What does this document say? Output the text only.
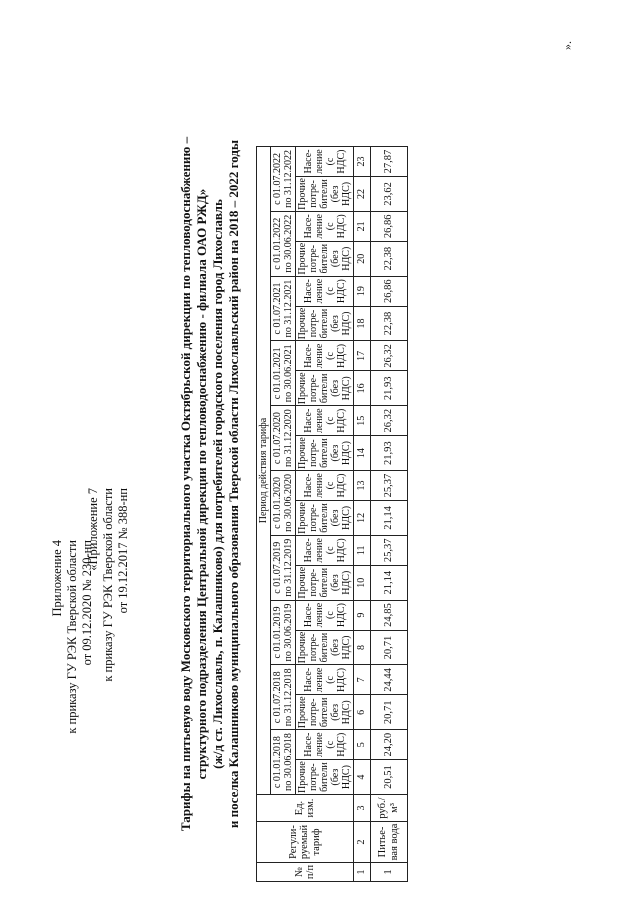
Приложение 4 к приказу ГУ РЭК Тверской области от 09.12.2020 № 230-нп
«Приложение 7 к приказу ГУ РЭК Тверской области от 19.12.2017 № 388-нп	Тарифы на питьевую воду Московского территориального участка Октябрьской дирекции по тепловодоснабжению – структурного подразделения Центральной дирекции по тепловодоснабжению - филиала ОАО РЖД» (ж/д ст. Лихославль, п. Калашниково) для потребителей городского поселения город Лихославль и поселка Калашниково муниципального образования Тверской области Лихославльский район на 2018 – 2022 годы
№ п/п	Регули-руемый тариф	Ед. изм.	Период действия тарифа																			
			с 01.01.2018 по 30.06.2018		с 01.07.2018 по 31.12.2018		с 01.01.2019 по 30.06.2019		с 01.07.2019 по 31.12.2019		с 01.01.2020 по 30.06.2020		с 01.07.2020 по 31.12.2020		с 01.01.2021 по 30.06.2021		с 01.07.2021 по 31.12.2021		с 01.01.2022 по 30.06.2022		с 01.07.2022 по 31.12.2022	
			Прочие потре-бители (без НДС)	Насе-ление (с НДС)	Прочие потре-бители (без НДС)	Насе-ление (с НДС)	Прочие потре-бители (без НДС)	Насе-ление (с НДС)	Прочие потре-бители (без НДС)	Насе-ление (с НДС)	Прочие потре-бители (без НДС)	Насе-ление (с НДС)	Прочие потре-бители (без НДС)	Насе-ление (с НДС)	Прочие потре-бители (без НДС)	Насе-ление (с НДС)	Прочие потре-бители (без НДС)	Насе-ление (с НДС)	Прочие потре-бители (без НДС)	Насе-ление (с НДС)	Прочие потре-бители (без НДС)	Насе-ление (с НДС)
1	2	3	4	5	6	7	8	9	10	11	12	13	14	15	16	17	18	19	20	21	22	23
1	Питье-вая вода	руб./м³	20,51	24,20	20,71	24,44	20,71	24,85	21,14	25,37	21,14	25,37	21,93	26,32	21,93	26,32	22,38	26,86	22,38	26,86	23,62	27,87
».
